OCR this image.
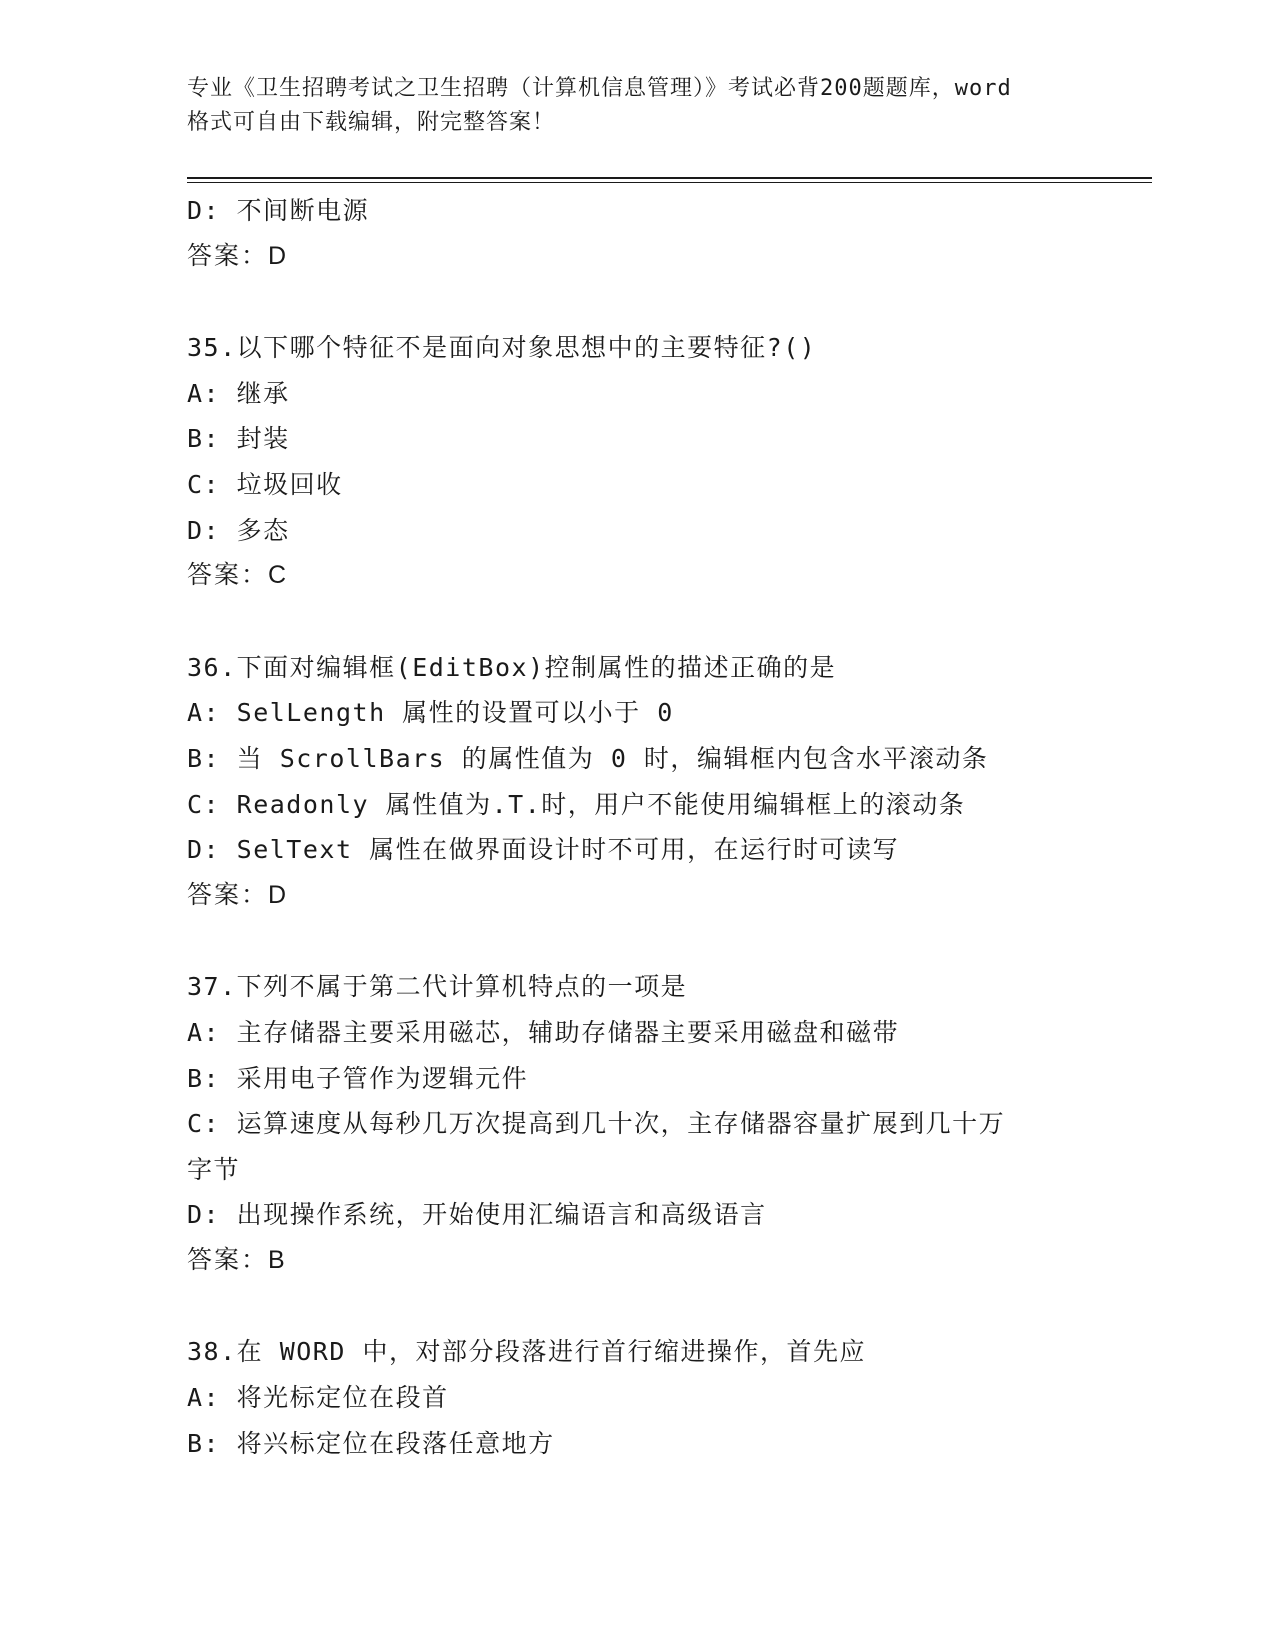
专业《卫生招聘考试之卫生招聘（计算机信息管理）》考试必背200题题库，word
格式可自由下载编辑，附完整答案！
D: 不间断电源
答案：D
35.以下哪个特征不是面向对象思想中的主要特征?()
A: 继承
B: 封装
C: 垃圾回收
D: 多态
答案：C
36.下面对编辑框(EditBox)控制属性的描述正确的是
A: SelLength 属性的设置可以小于 0
B: 当 ScrollBars 的属性值为 0 时，编辑框内包含水平滚动条
C: Readonly 属性值为.T.时，用户不能使用编辑框上的滚动条
D: SelText 属性在做界面设计时不可用，在运行时可读写
答案：D
37.下列不属于第二代计算机特点的一项是
A: 主存储器主要采用磁芯，辅助存储器主要采用磁盘和磁带
B: 采用电子管作为逻辑元件
C: 运算速度从每秒几万次提高到几十次，主存储器容量扩展到几十万
字节
D: 出现操作系统，开始使用汇编语言和高级语言
答案：B
38.在 WORD 中，对部分段落进行首行缩进操作，首先应
A: 将光标定位在段首
B: 将兴标定位在段落任意地方
